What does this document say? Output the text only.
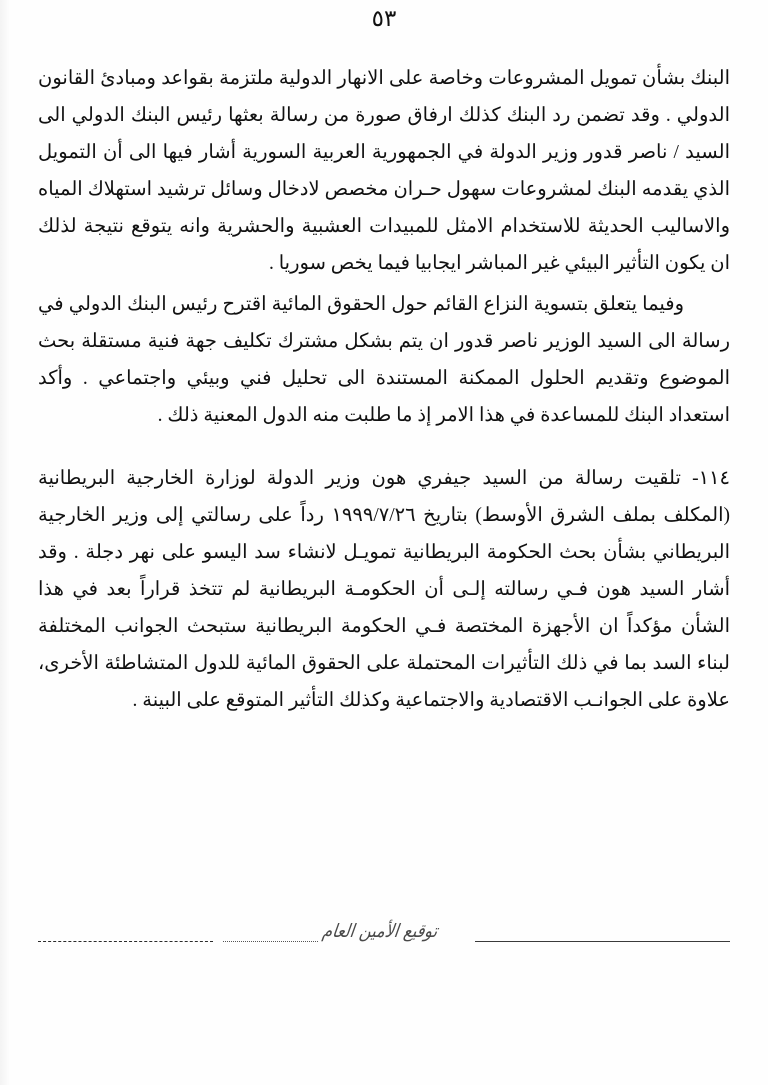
٥٣

البنك بشأن تمويل المشروعات وخاصة على الانهار الدولية ملتزمة بقواعد ومبادئ القانون الدولي . وقد تضمن رد البنك كذلك ارفاق صورة من رسالة بعثها رئيس البنك الدولي الى السيد / ناصر قدور وزير الدولة في الجمهورية العربية السورية أشار فيها الى أن التمويل الذي يقدمه البنك لمشروعات سهول حـران مخصص لادخال وسائل ترشيد استهلاك المياه والاساليب الحديثة للاستخدام الامثل للمبيدات العشبية والحشرية وانه يتوقع نتيجة لذلك ان يكون التأثير البيئي غير المباشر ايجابيا فيما يخص سوريا .

وفيما يتعلق بتسوية النزاع القائم حول الحقوق المائية اقترح رئيس البنك الدولي في رسالة الى السيد الوزير ناصر قدور ان يتم بشكل مشترك تكليف جهة فنية مستقلة بحث الموضوع وتقديم الحلول الممكنة المستندة الى تحليل فني وبيئي واجتماعي . وأكد استعداد البنك للمساعدة في هذا الامر إذ ما طلبت منه الدول المعنية ذلك .

١١٤- تلقيت رسالة من السيد جيفري هون وزير الدولة لوزارة الخارجية البريطانية (المكلف بملف الشرق الأوسط) بتاريخ ١٩٩٩/٧/٢٦ رداً على رسالتي إلى وزير الخارجية البريطاني بشأن بحث الحكومة البريطانية تمويـل لانشاء سد اليسو على نهر دجلة . وقد أشار السيد هون فـي رسالته إلـى أن الحكومـة البريطانية لم تتخذ قراراً بعد في هذا الشأن مؤكداً ان الأجهزة المختصة فـي الحكومة البريطانية ستبحث الجوانب المختلفة لبناء السد بما في ذلك التأثيرات المحتملة على الحقوق المائية للدول المتشاطئة الأخرى، علاوة على الجوانـب الاقتصادية والاجتماعية وكذلك التأثير المتوقع على البينة .

توقيع الأمين العام
